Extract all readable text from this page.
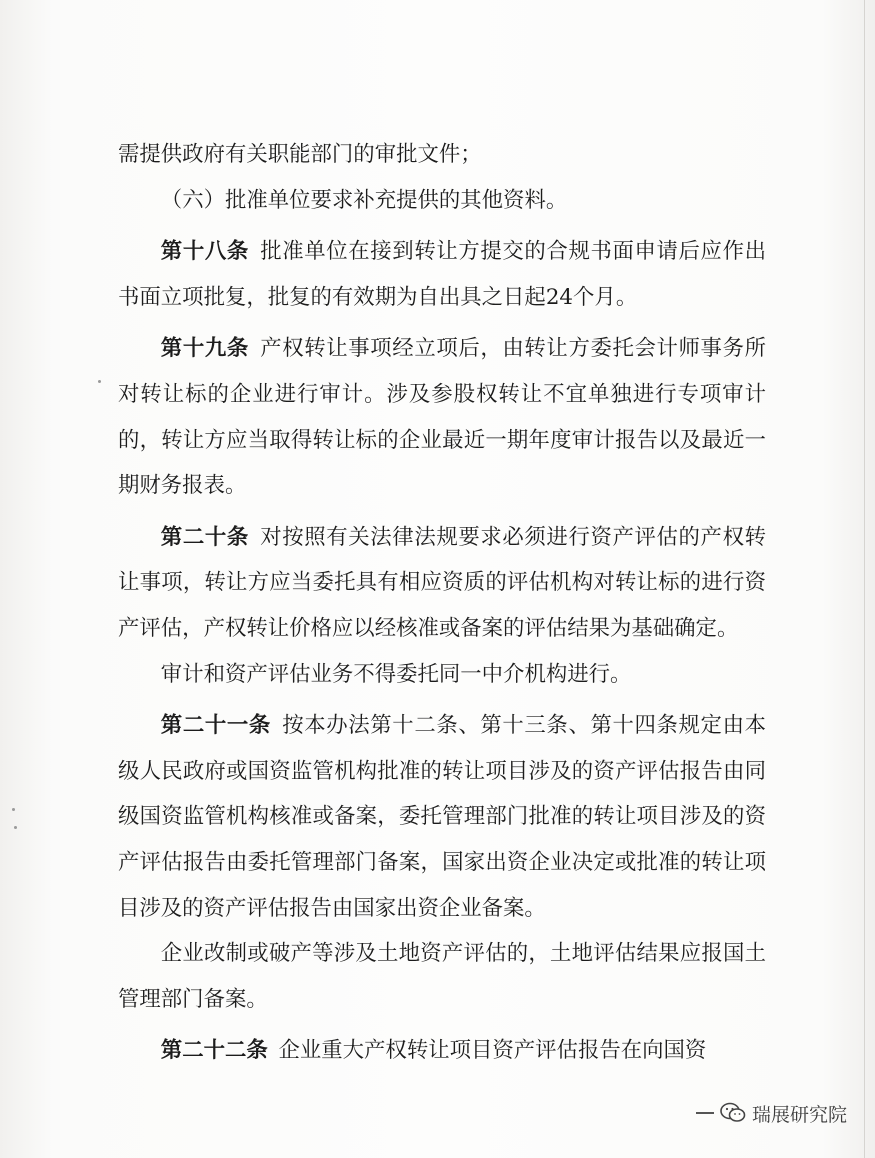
需提供政府有关职能部门的审批文件；

（六）批准单位要求补充提供的其他资料。

第十八条  批准单位在接到转让方提交的合规书面申请后应作出书面立项批复，批复的有效期为自出具之日起24个月。

第十九条  产权转让事项经立项后，由转让方委托会计师事务所对转让标的企业进行审计。涉及参股权转让不宜单独进行专项审计的，转让方应当取得转让标的企业最近一期年度审计报告以及最近一期财务报表。

第二十条  对按照有关法律法规要求必须进行资产评估的产权转让事项，转让方应当委托具有相应资质的评估机构对转让标的进行资产评估，产权转让价格应以经核准或备案的评估结果为基础确定。

审计和资产评估业务不得委托同一中介机构进行。

第二十一条  按本办法第十二条、第十三条、第十四条规定由本级人民政府或国资监管机构批准的转让项目涉及的资产评估报告由同级国资监管机构核准或备案，委托管理部门批准的转让项目涉及的资产评估报告由委托管理部门备案，国家出资企业决定或批准的转让项目涉及的资产评估报告由国家出资企业备案。

企业改制或破产等涉及土地资产评估的，土地评估结果应报国土管理部门备案。

第二十二条  企业重大产权转让项目资产评估报告在向国资

瑞展研究院
